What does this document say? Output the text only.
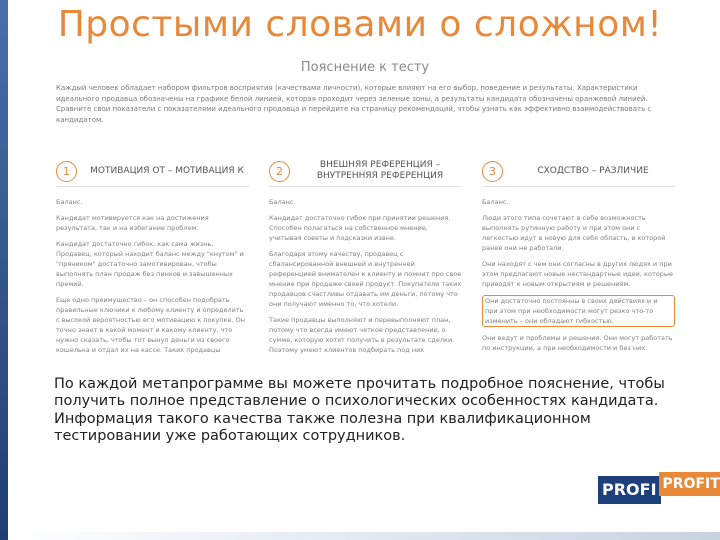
Простыми словами о сложном!
Пояснение к тесту
Каждый человек обладает набором фильтров восприятия (качествами личности), которые влияют на его выбор, поведение и результаты. Характеристики идеального продавца обозначены на графике белой линией, которая проходит через зеленые зоны, а результаты кандидата обозначены оранжевой линией. Сравните свои показатели с показателями идеального продавца и перейдите на страницу рекомендаций, чтобы узнать как эффективно взаимодействовать с кандидатом.
1	МОТИВАЦИЯ ОТ – МОТИВАЦИЯ К

Баланс.

Кандидат мотивируется как на достижения результата, так и на избегание проблем.

Кандидат достаточно гибок, как сама жизнь. Продавец, который находит баланс между "кнутом" и "пряником" достаточно замотивирован, чтобы выполнять план продаж без пинков и завышенных премий.

Еще одно преимущество – он способен подобрать правильные ключики к любому клиенту и определить с высокой вероятностью его мотивацию к покупке. Он точно знает в какой момент и какому клиенту, что нужно сказать, чтобы тот вынул деньги из своего кошелька и отдал их на кассе. Таких продавцы

2	ВНЕШНЯЯ РЕФЕРЕНЦИЯ – ВНУТРЕННЯЯ РЕФЕРЕНЦИЯ

Баланс.

Кандидат достаточно гибок при принятии решения. Способен полагаться на собственное мнение, учитывая советы и подсказки извне.

Благодаря этому качеству, продавец с сбалансированной внешней и внутренней референцией внимателен к клиенту и помнит про свое мнение при продаже своей продукт. Покупатели таких продавцов счастливы отдавать им деньги, потому что они получают именно то, что хотели.

Такие продавцы выполняют и перевыполняют план, потому что всегда имеют четкое представление, о сумме, которую хотят получить в результате сделки. Поэтому умеют клиентов подбирать под них

3	СХОДСТВО – РАЗЛИЧИЕ

Баланс.

Люди этого типа сочетают в себе возможность выполнять рутинную работу и при этом они с легкостью идут в новую для себя область, в которой ранее они не работали.

Они находят с чем они согласны в других людях и при этом предлагают новые нестандартные идеи, которые приводят к новым открытиям и решениям.

Они достаточно постоянны в своих действиях и и при этом при необходимости могут резко что-то изменить – они обладают гибкостью.

Они ведут и проблемы и решения. Они могут работать по инструкции, а при необходимости и без них.

По каждой метапрограмме вы можете прочитать подробное пояснение, чтобы получить полное представление о психологических особенностях кандидата.

Информация такого качества также полезна при квалификационном тестировании уже работающих сотрудников.

PROFI PROFIT
